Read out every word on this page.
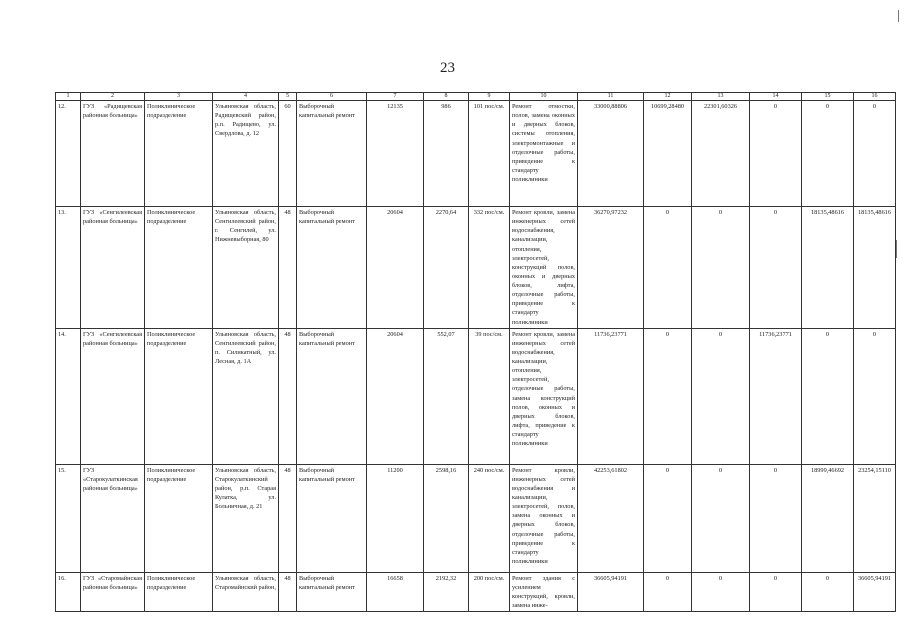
23
1	2	3	4	5	6	7	8	9	10	11	12	13	14	15	16
12.	ГУЗ «Радищевская районная больница»	Поликлиническое подразделение	Ульяновская область, Радищевский район, р.п. Радищево, ул. Свердлова, д. 12	60	Выборочный капитальный ремонт	12135	986	101 пос/см.	Ремонт отмостки, полов, замена оконных и дверных блоков, системы отопления, электромонтажные и отделочные работы, приведение к стандарту поликлиники	33000,88806	10699,28480	22301,60326	0	0	0
13.	ГУЗ «Сенгилеевская районная больница»	Поликлиническое подразделение	Ульяновская область, Сенгилеевский район, г. Сенгилей, ул. Нижневыборная, 80	48	Выборочный капитальный ремонт	20604	2270,64	332 пос/см.	Ремонт кровли, замена инженерных сетей водоснабжения, канализации, отопления, электросетей, конструкций полов, оконных и дверных блоков, лифта, отделочные работы, приведение к стандарту поликлиники	36270,97232	0	0	0	18135,48616	18135,48616
14.	ГУЗ «Сенгилеевская районная больница»	Поликлиническое подразделение	Ульяновская область, Сенгилеевский район, п. Силикатный, ул. Лесная, д. 1А	48	Выборочный капитальный ремонт	20604	552,07	39 пос/см.	Ремонт кровли, замена инженерных сетей водоснабжения, канализации, отопления, электросетей, отделочные работы, замена конструкций полов, оконных и дверных блоков, лифта, приведение к стандарту поликлиники	11736,23771	0	0	11736,23771	0	0
15.	ГУЗ «Старокулаткинская районная больница»	Поликлиническое подразделение	Ульяновская область, Старокулаткинский район, р.п. Старая Кулатка, ул. Больничная, д. 21	48	Выборочный капитальный ремонт	11200	2598,16	240 пос/см.	Ремонт кровли, инженерных сетей водоснабжения и канализации, электросетей, полов, замена оконных и дверных блоков, отделочные работы, приведение к стандарту поликлиники	42253,61802	0	0	0	18999,46692	23254,15110
16.	ГУЗ «Старомайнская районная больница»	Поликлиническое подразделение	Ульяновская область, Старомайнский район,	48	Выборочный капитальный ремонт	16658	2192,32	200 пос/см.	Ремонт здания с усилением конструкций, кровли, замена инже-	36605,94191	0	0	0	0	36605,94191
